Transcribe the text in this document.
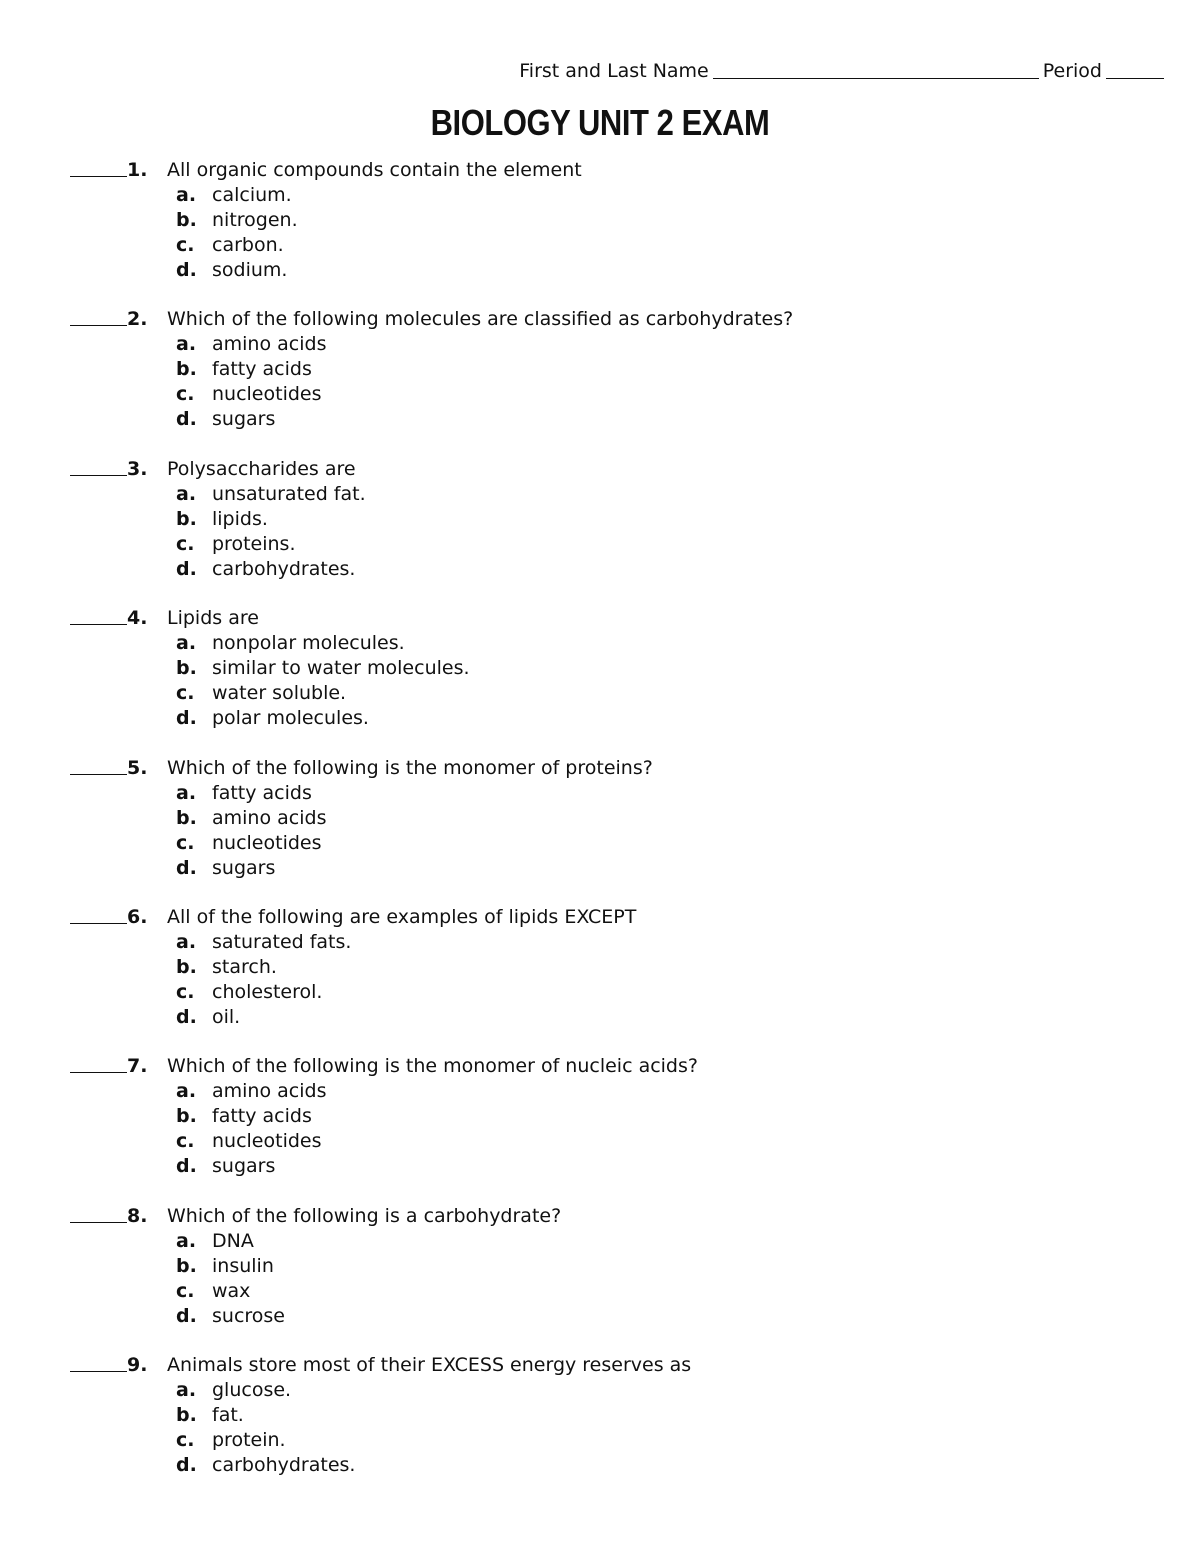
First and Last Name	Period
BIOLOGY UNIT 2 EXAM
1.	All organic compounds contain the element
a. calcium.
b. nitrogen.
c. carbon.
d. sodium.
2.	Which of the following molecules are classified as carbohydrates?
a. amino acids
b. fatty acids
c. nucleotides
d. sugars
3.	Polysaccharides are
a. unsaturated fat.
b. lipids.
c. proteins.
d. carbohydrates.
4.	Lipids are
a. nonpolar molecules.
b. similar to water molecules.
c. water soluble.
d. polar molecules.
5.	Which of the following is the monomer of proteins?
a. fatty acids
b. amino acids
c. nucleotides
d. sugars
6.	All of the following are examples of lipids EXCEPT
a. saturated fats.
b. starch.
c. cholesterol.
d. oil.
7.	Which of the following is the monomer of nucleic acids?
a. amino acids
b. fatty acids
c. nucleotides
d. sugars
8.	Which of the following is a carbohydrate?
a. DNA
b. insulin
c. wax
d. sucrose
9.	Animals store most of their EXCESS energy reserves as
a. glucose.
b. fat.
c. protein.
d. carbohydrates.
